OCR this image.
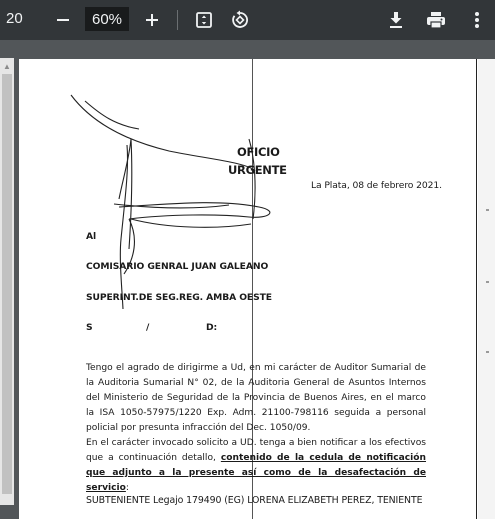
20	60%
▲
OFICIO
URGENTE
La Plata, 08 de febrero 2021.
Al
COMISARIO GENRAL JUAN GALEANO
SUPERINT.DE SEG.REG. AMBA OESTE
S	/	D:
Tengo el agrado de dirigirme a Ud, en mi carácter de Auditor Sumarial de la Auditoria Sumarial N° 02, de la Auditoria General de Asuntos Internos del Ministerio de Seguridad de la Provincia de Buenos Aires, en el marco la ISA 1050-57975/1220 Exp. Adm. 21100-798116 seguida a personal policial por presunta infracción del Dec. 1050/09.
En el carácter invocado solicito a UD. tenga a bien notificar a los efectivos que a continuación detallo, contenido de la cedula de notificación que adjunto a la presente así como de la desafectación de servicio:
SUBTENIENTE Legajo 179490 (EG) LORENA ELIZABETH PEREZ, TENIENTE
